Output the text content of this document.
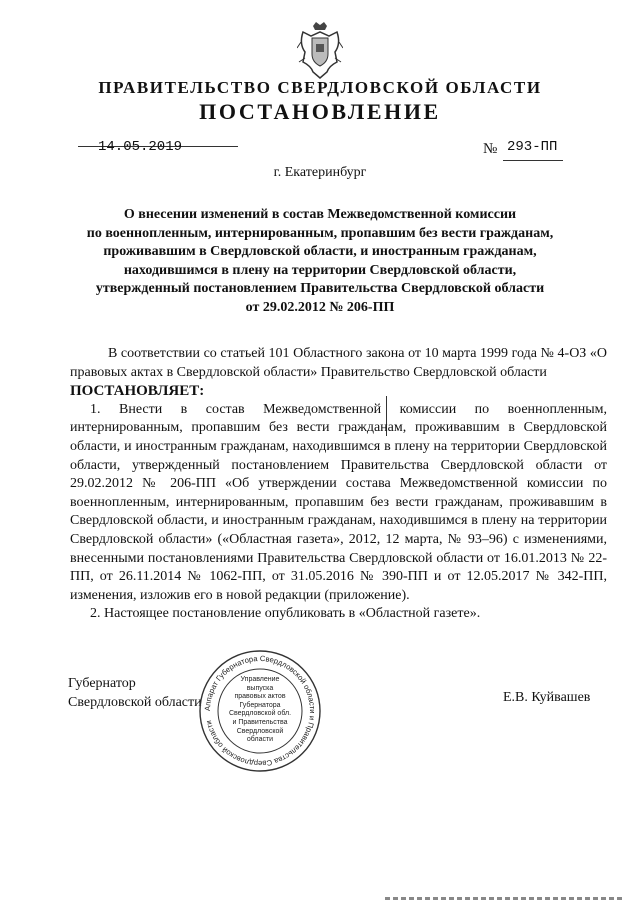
ПРАВИТЕЛЬСТВО СВЕРДЛОВСКОЙ ОБЛАСТИ
ПОСТАНОВЛЕНИЕ
14.05.2019	№ 293-ПП
г. Екатеринбург
О внесении изменений в состав Межведомственной комиссии
по военнопленным, интернированным, пропавшим без вести гражданам,
проживавшим в Свердловской области, и иностранным гражданам,
находившимся в плену на территории Свердловской области,
утвержденный постановлением Правительства Свердловской области
от 29.02.2012 № 206-ПП

В соответствии со статьей 101 Областного закона от 10 марта 1999 года № 4-ОЗ «О правовых актах в Свердловской области» Правительство Свердловской области

ПОСТАНОВЛЯЕТ:

1. Внести в состав Межведомственной комиссии по военнопленным, интернированным, пропавшим без вести гражданам, проживавшим в Свердловской области, и иностранным гражданам, находившимся в плену на территории Свердловской области, утвержденный постановлением Правительства Свердловской области от 29.02.2012 № 206-ПП «Об утверждении состава Межведомственной комиссии по военнопленным, интернированным, пропавшим без вести гражданам, проживавшим в Свердловской области, и иностранным гражданам, находившимся в плену на территории Свердловской области» («Областная газета», 2012, 12 марта, № 93–96) с изменениями, внесенными постановлениями Правительства Свердловской области от 16.01.2013 № 22-ПП, от 26.11.2014 № 1062-ПП, от 31.05.2016 № 390-ПП и от 12.05.2017 № 342-ПП, изменения, изложив его в новой редакции (приложение).

2. Настоящее постановление опубликовать в «Областной газете».

Губернатор
Свердловской области	Е.В. Куйвашев
Аппарат Губернатора Свердловской области и Правительства Свердловской области
Управление
выпуска
правовых актов
Губернатора
Свердловской обл.
и Правительства
Свердловской
области
